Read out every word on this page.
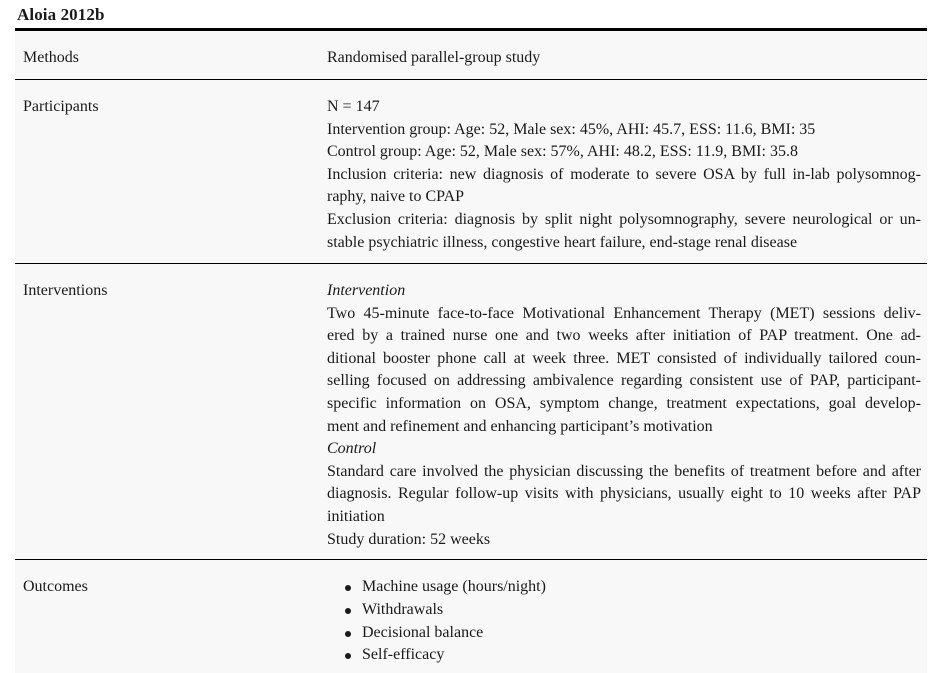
Aloia 2012b
Methods	Randomised parallel-group study
Participants	N = 147
Intervention group: Age: 52, Male sex: 45%, AHI: 45.7, ESS: 11.6, BMI: 35
Control group: Age: 52, Male sex: 57%, AHI: 48.2, ESS: 11.9, BMI: 35.8
Inclusion criteria: new diagnosis of moderate to severe OSA by full in-lab polysomnog-
raphy, naive to CPAP
Exclusion criteria: diagnosis by split night polysomnography, severe neurological or un-
stable psychiatric illness, congestive heart failure, end-stage renal disease
Interventions	Intervention
Two 45-minute face-to-face Motivational Enhancement Therapy (MET) sessions deliv-
ered by a trained nurse one and two weeks after initiation of PAP treatment. One ad-
ditional booster phone call at week three. MET consisted of individually tailored coun-
selling focused on addressing ambivalence regarding consistent use of PAP, participant-
specific information on OSA, symptom change, treatment expectations, goal develop-
ment and refinement and enhancing participant’s motivation
Control
Standard care involved the physician discussing the benefits of treatment before and after
diagnosis. Regular follow-up visits with physicians, usually eight to 10 weeks after PAP
initiation
Study duration: 52 weeks
Outcomes	Machine usage (hours/night)
Withdrawals
Decisional balance
Self-efficacy
